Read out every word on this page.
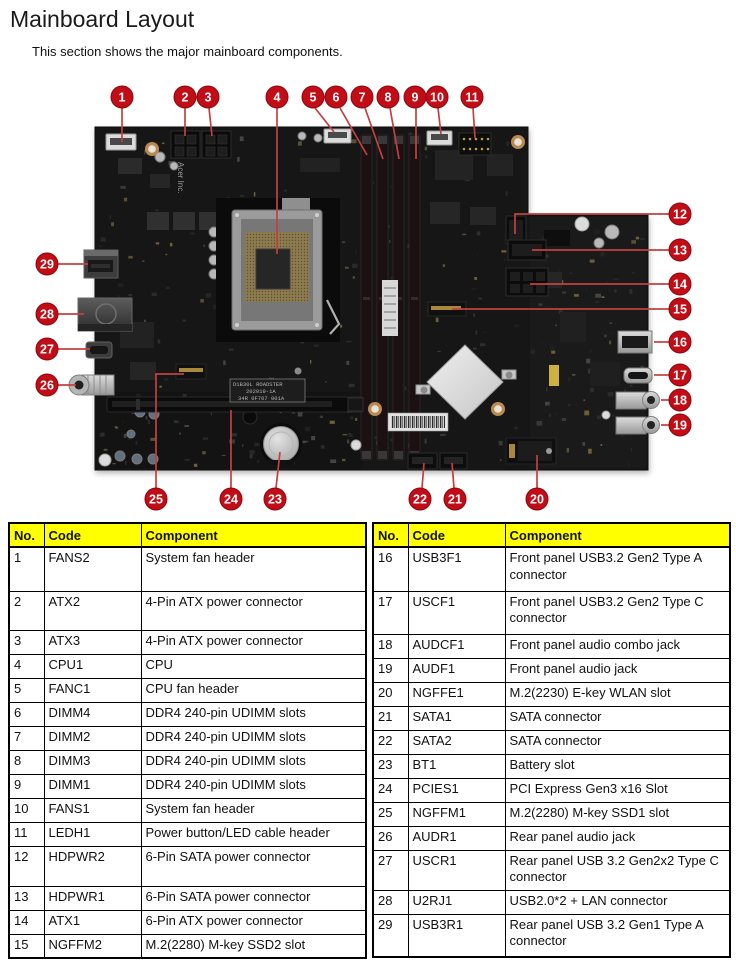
Mainboard Layout

This section shows the major mainboard components.

Acer Inc.
D1B30L ROADSTER
202019-1A
34R 0F707 001A
1	2 3	4 5 6 7 8 9 10 11
12
13
14
15
16
17
18
19
20
21
22
23
24
25
26
27
28
29
No.	Code	Component
1	FANS2	System fan header
2	ATX2	4-Pin ATX power connector
3	ATX3	4-Pin ATX power connector
4	CPU1	CPU
5	FANC1	CPU fan header
6	DIMM4	DDR4 240-pin UDIMM slots
7	DIMM2	DDR4 240-pin UDIMM slots
8	DIMM3	DDR4 240-pin UDIMM slots
9	DIMM1	DDR4 240-pin UDIMM slots
10	FANS1	System fan header
11	LEDH1	Power button/LED cable header
12	HDPWR2	6-Pin SATA power connector
13	HDPWR1	6-Pin SATA power connector
14	ATX1	6-Pin ATX power connector
15	NGFFM2	M.2(2280) M-key SSD2 slot
No.	Code	Component
16	USB3F1	Front panel USB3.2 Gen2 Type A connector
17	USCF1	Front panel USB3.2 Gen2 Type C connector
18	AUDCF1	Front panel audio combo jack
19	AUDF1	Front panel audio jack
20	NGFFE1	M.2(2230) E-key WLAN slot
21	SATA1	SATA connector
22	SATA2	SATA connector
23	BT1	Battery slot
24	PCIES1	PCI Express Gen3 x16 Slot
25	NGFFM1	M.2(2280) M-key SSD1 slot
26	AUDR1	Rear panel audio jack
27	USCR1	Rear panel USB 3.2 Gen2x2 Type C connector
28	U2RJ1	USB2.0*2 + LAN connector
29	USB3R1	Rear panel USB 3.2 Gen1 Type A connector
